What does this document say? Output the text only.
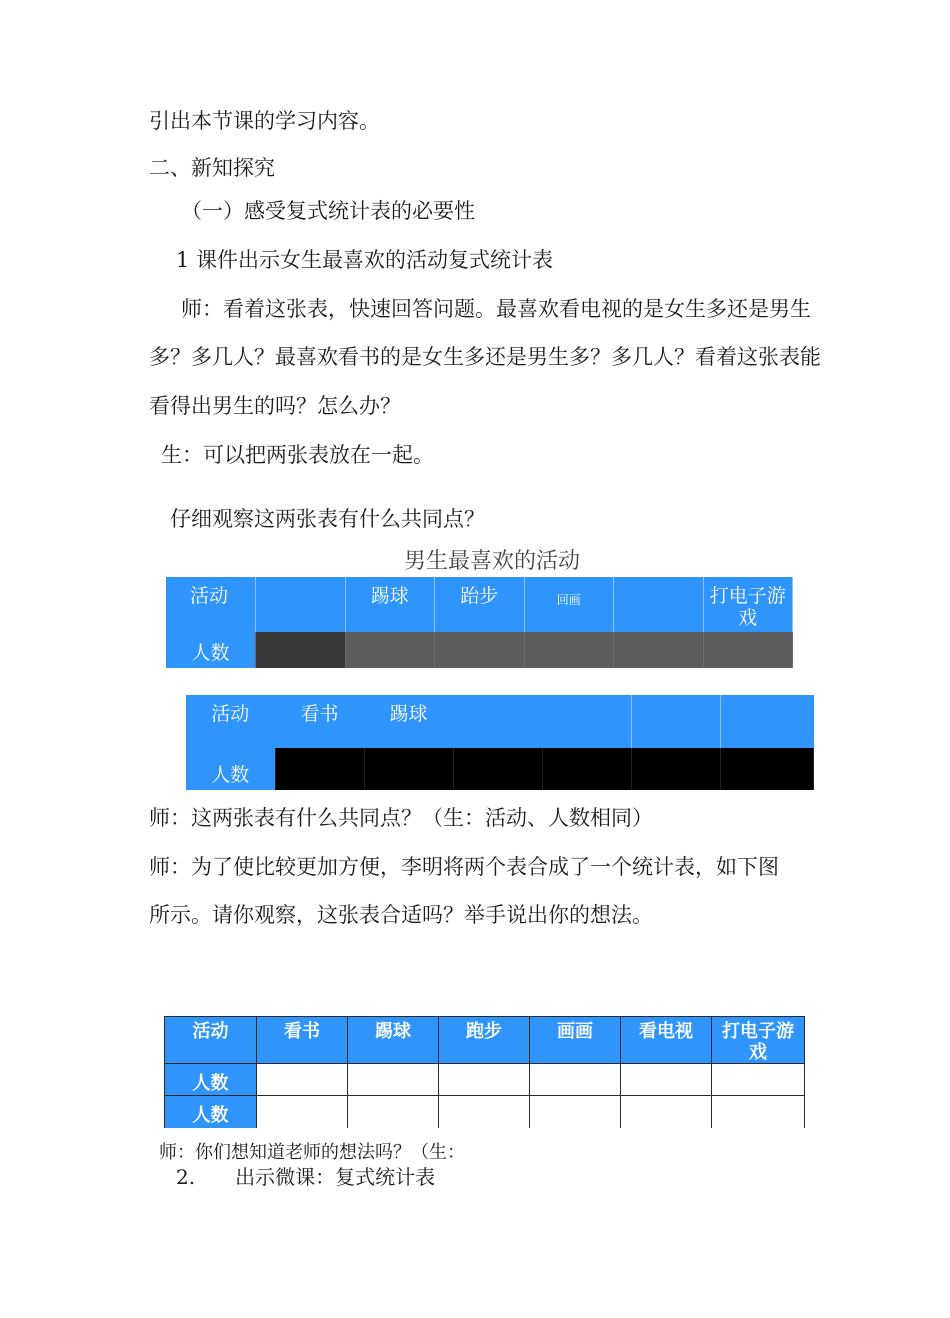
引出本节课的学习内容。
二、新知探究
（一）感受复式统计表的必要性
1 课件出示女生最喜欢的活动复式统计表
师：看着这张表，快速回答问题。最喜欢看电视的是女生多还是男生
多？多几人？最喜欢看书的是女生多还是男生多？多几人？看着这张表能
看得出男生的吗？怎么办？
生：可以把两张表放在一起。
仔细观察这两张表有什么共同点？
男生最喜欢的活动
活动		踢球	跆步	回画		打电子游戏
人数						
活动	看书	踢球				
人数						
师：这两张表有什么共同点？（生：活动、人数相同）
师：为了使比较更加方便，李明将两个表合成了一个统计表，如下图
所示。请你观察，这张表合适吗？举手说出你的想法。
活动	看书	踢球	跑步	画画	看电视	打电子游戏
人数						
人数						
师：你们想知道老师的想法吗？（生：
2.　　出示微课：复式统计表
